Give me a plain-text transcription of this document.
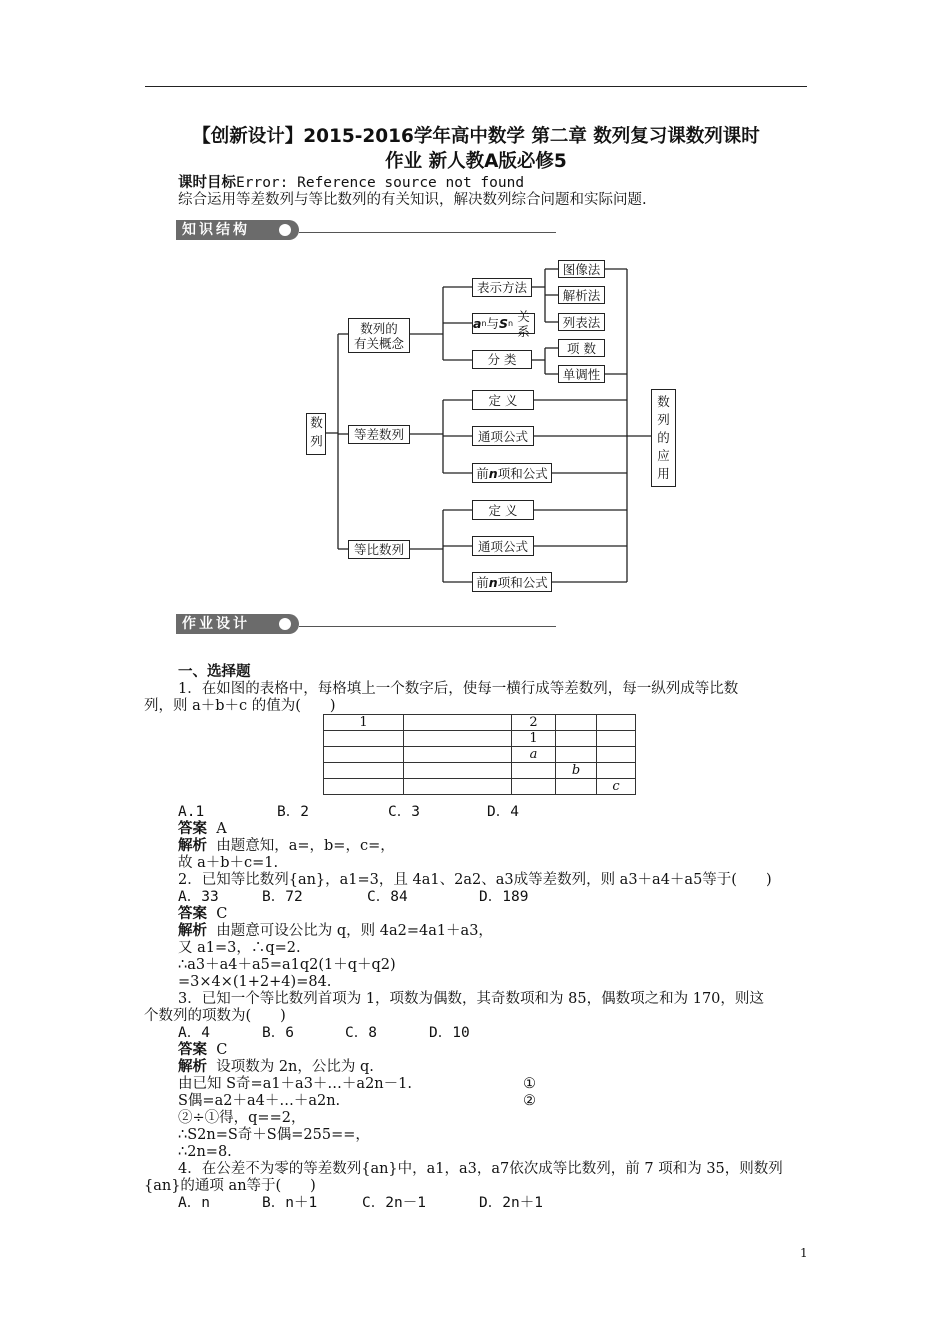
【创新设计】2015-2016学年高中数学 第二章 数列复习课数列课时
作业 新人教A版必修5
课时目标Error: Reference source not found
综合运用等差数列与等比数列的有关知识，解决数列综合问题和实际问题.
知识结构
数列
数列的
有关概念
等差数列
等比数列
表示方法
a n 与 S n 关系
分 类
图像法
解析法
列表法
项 数
单调性
定 义
通项公式
前 n 项和公式
定 义
通项公式
前 n 项和公式
数
列
的
应
用
作业设计
一、选择题
1．在如图的表格中，每格填上一个数字后，使每一横行成等差数列，每一纵列成等比数
列，则 a＋b＋c 的值为(　　)
1		2		
		1		
		a		
			b	
				c
A.1	B．2	C．3	D．4
答案 A
解析 由题意知，a=，b=，c=，
故 a＋b＋c=1.
2．已知等比数列{an}，a1=3，且 4a1、2a2、a3成等差数列，则 a3＋a4＋a5等于(　　)
A．33	B．72	C．84	D．189
答案 C
解析 由题意可设公比为 q，则 4a2=4a1＋a3，
又 a1=3，∴q=2.
∴a3＋a4＋a5=a1q2(1＋q＋q2)
=3×4×(1+2+4)=84.
3．已知一个等比数列首项为 1，项数为偶数，其奇数项和为 85，偶数项之和为 170，则这
个数列的项数为(　　)
A．4	B．6	C．8	D．10
答案 C
解析 设项数为 2n，公比为 q.
由已知 S奇=a1＋a3＋…＋a2n－1.	①
S偶=a2＋a4＋…＋a2n.	②
②÷①得，q==2，
∴S2n=S奇＋S偶=255==，
∴2n=8.
4．在公差不为零的等差数列{an}中，a1，a3，a7依次成等比数列，前 7 项和为 35，则数列
{an}的通项 an等于(　　)
A．n	B．n＋1	C．2n－1	D．2n＋1
1
